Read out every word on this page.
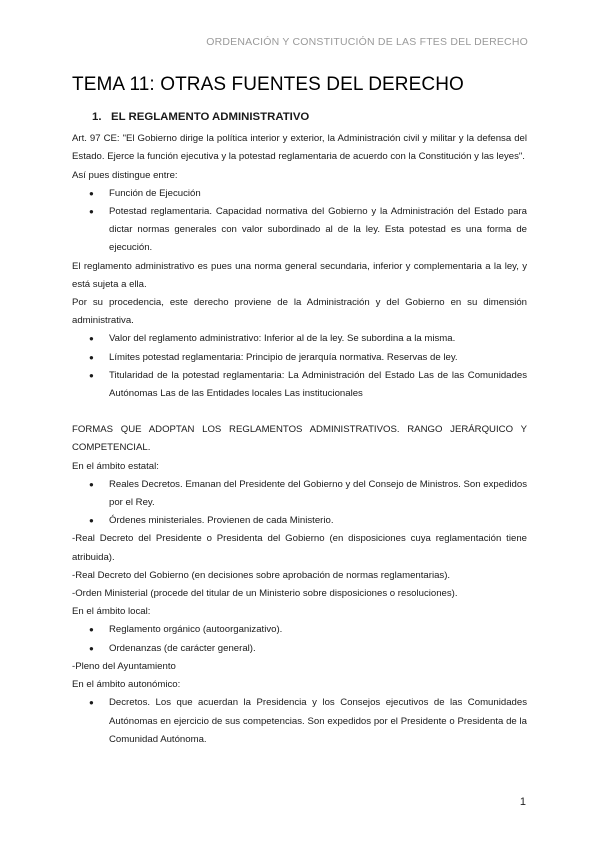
ORDENACIÓN Y CONSTITUCIÓN DE LAS FTES DEL DERECHO
TEMA 11: OTRAS FUENTES DEL DERECHO
1. EL REGLAMENTO ADMINISTRATIVO

Art. 97 CE: "El Gobierno dirige la política interior y exterior, la Administración civil y militar y la defensa del Estado. Ejerce la función ejecutiva y la potestad reglamentaria de acuerdo con la Constitución y las leyes".

Así pues distingue entre:

● Función de Ejecución
● Potestad reglamentaria. Capacidad normativa del Gobierno y la Administración del Estado para dictar normas generales con valor subordinado al de la ley. Esta potestad es una forma de ejecución.

El reglamento administrativo es pues una norma general secundaria, inferior y complementaria a la ley, y está sujeta a ella.

Por su procedencia, este derecho proviene de la Administración y del Gobierno en su dimensión administrativa.

● Valor del reglamento administrativo: Inferior al de la ley. Se subordina a la misma.
● Límites potestad reglamentaria: Principio de jerarquía normativa. Reservas de ley.
● Titularidad de la potestad reglamentaria: La Administración del Estado Las de las Comunidades Autónomas Las de las Entidades locales Las institucionales

FORMAS QUE ADOPTAN LOS REGLAMENTOS ADMINISTRATIVOS. RANGO JERÁRQUICO Y COMPETENCIAL.

En el ámbito estatal:

● Reales Decretos. Emanan del Presidente del Gobierno y del Consejo de Ministros. Son expedidos por el Rey.
● Órdenes ministeriales. Provienen de cada Ministerio.

-Real Decreto del Presidente o Presidenta del Gobierno (en disposiciones cuya reglamentación tiene atribuida).

-Real Decreto del Gobierno (en decisiones sobre aprobación de normas reglamentarias).

-Orden Ministerial (procede del titular de un Ministerio sobre disposiciones o resoluciones).

En el ámbito local:

● Reglamento orgánico (autoorganizativo).
● Ordenanzas (de carácter general).

-Pleno del Ayuntamiento

En el ámbito autonómico:

● Decretos. Los que acuerdan la Presidencia y los Consejos ejecutivos de las Comunidades Autónomas en ejercicio de sus competencias. Son expedidos por el Presidente o Presidenta de la Comunidad Autónoma.
1
